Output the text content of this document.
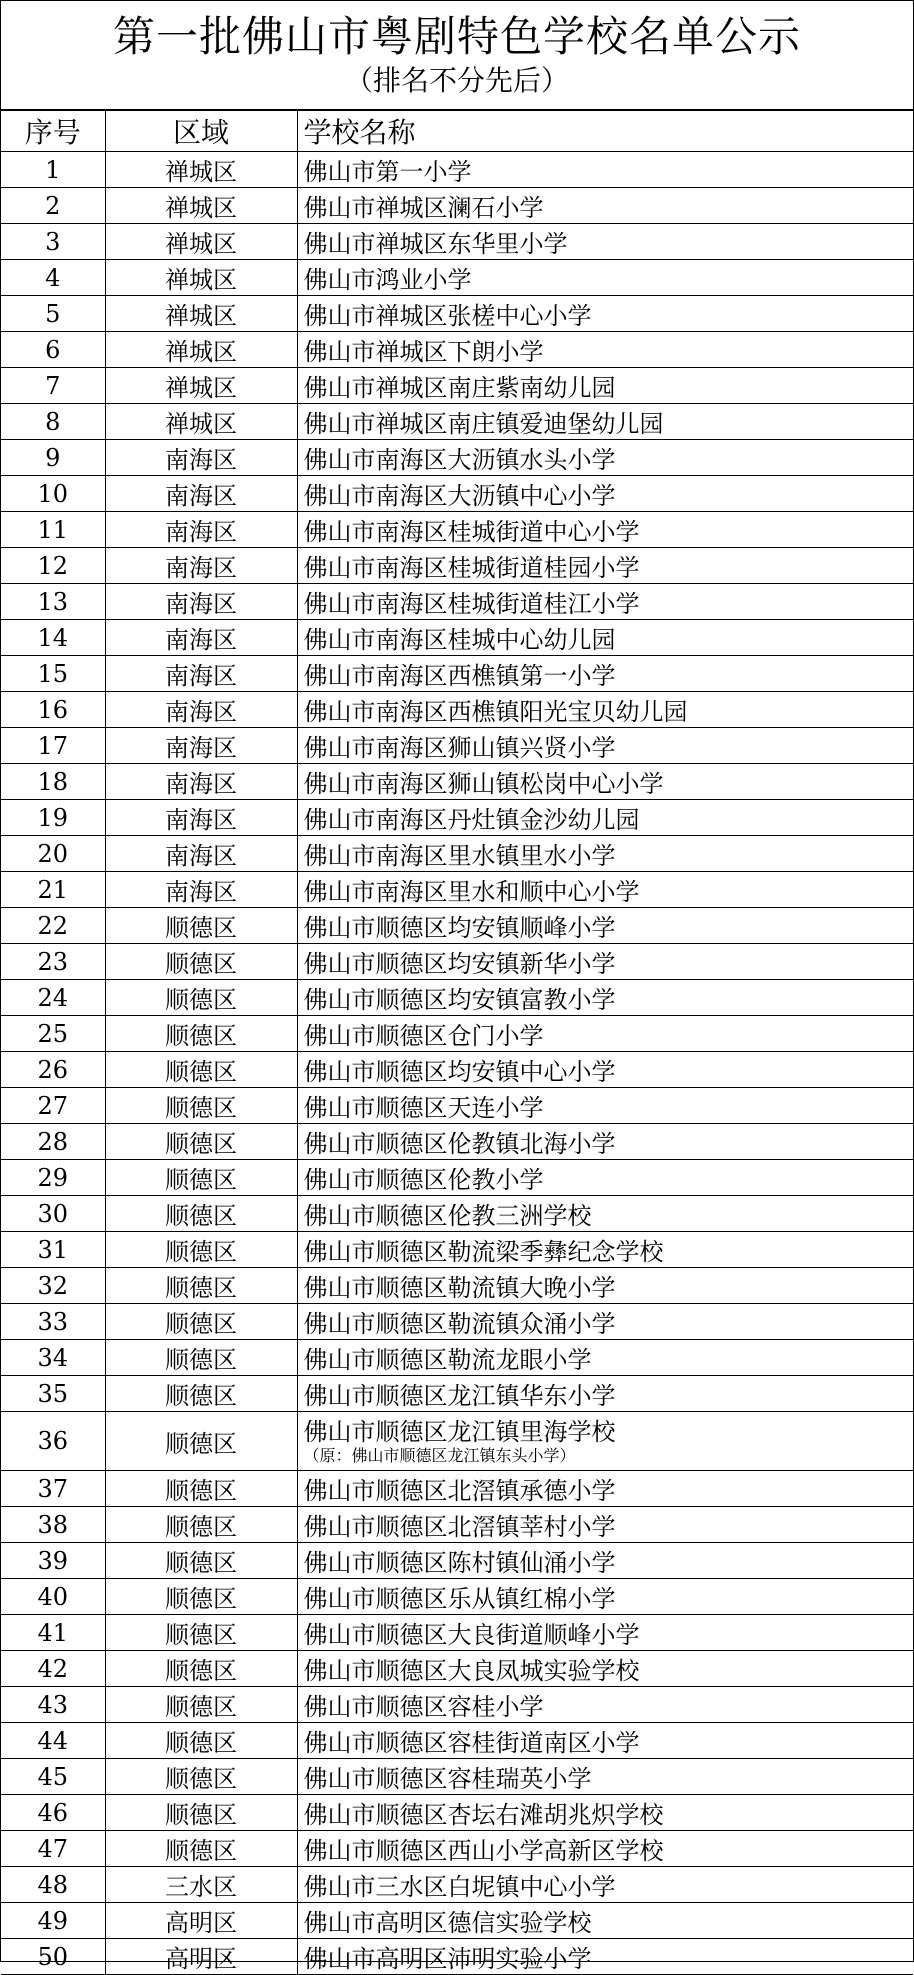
第一批佛山市粤剧特色学校名单公示
（排名不分先后）
序号	区域	学校名称
1	禅城区	佛山市第一小学
2	禅城区	佛山市禅城区澜石小学
3	禅城区	佛山市禅城区东华里小学
4	禅城区	佛山市鸿业小学
5	禅城区	佛山市禅城区张槎中心小学
6	禅城区	佛山市禅城区下朗小学
7	禅城区	佛山市禅城区南庄紫南幼儿园
8	禅城区	佛山市禅城区南庄镇爱迪堡幼儿园
9	南海区	佛山市南海区大沥镇水头小学
10	南海区	佛山市南海区大沥镇中心小学
11	南海区	佛山市南海区桂城街道中心小学
12	南海区	佛山市南海区桂城街道桂园小学
13	南海区	佛山市南海区桂城街道桂江小学
14	南海区	佛山市南海区桂城中心幼儿园
15	南海区	佛山市南海区西樵镇第一小学
16	南海区	佛山市南海区西樵镇阳光宝贝幼儿园
17	南海区	佛山市南海区狮山镇兴贤小学
18	南海区	佛山市南海区狮山镇松岗中心小学
19	南海区	佛山市南海区丹灶镇金沙幼儿园
20	南海区	佛山市南海区里水镇里水小学
21	南海区	佛山市南海区里水和顺中心小学
22	顺德区	佛山市顺德区均安镇顺峰小学
23	顺德区	佛山市顺德区均安镇新华小学
24	顺德区	佛山市顺德区均安镇富教小学
25	顺德区	佛山市顺德区仓门小学
26	顺德区	佛山市顺德区均安镇中心小学
27	顺德区	佛山市顺德区天连小学
28	顺德区	佛山市顺德区伦教镇北海小学
29	顺德区	佛山市顺德区伦教小学
30	顺德区	佛山市顺德区伦教三洲学校
31	顺德区	佛山市顺德区勒流梁季彝纪念学校
32	顺德区	佛山市顺德区勒流镇大晚小学
33	顺德区	佛山市顺德区勒流镇众涌小学
34	顺德区	佛山市顺德区勒流龙眼小学
35	顺德区	佛山市顺德区龙江镇华东小学
36	顺德区	佛山市顺德区龙江镇里海学校
（原：佛山市顺德区龙江镇东头小学）

37	顺德区	佛山市顺德区北滘镇承德小学
38	顺德区	佛山市顺德区北滘镇莘村小学
39	顺德区	佛山市顺德区陈村镇仙涌小学
40	顺德区	佛山市顺德区乐从镇红棉小学
41	顺德区	佛山市顺德区大良街道顺峰小学
42	顺德区	佛山市顺德区大良凤城实验学校
43	顺德区	佛山市顺德区容桂小学
44	顺德区	佛山市顺德区容桂街道南区小学
45	顺德区	佛山市顺德区容桂瑞英小学
46	顺德区	佛山市顺德区杏坛右滩胡兆炽学校
47	顺德区	佛山市顺德区西山小学高新区学校
48	三水区	佛山市三水区白坭镇中心小学
49	高明区	佛山市高明区德信实验学校
50	高明区	佛山市高明区沛明实验小学
